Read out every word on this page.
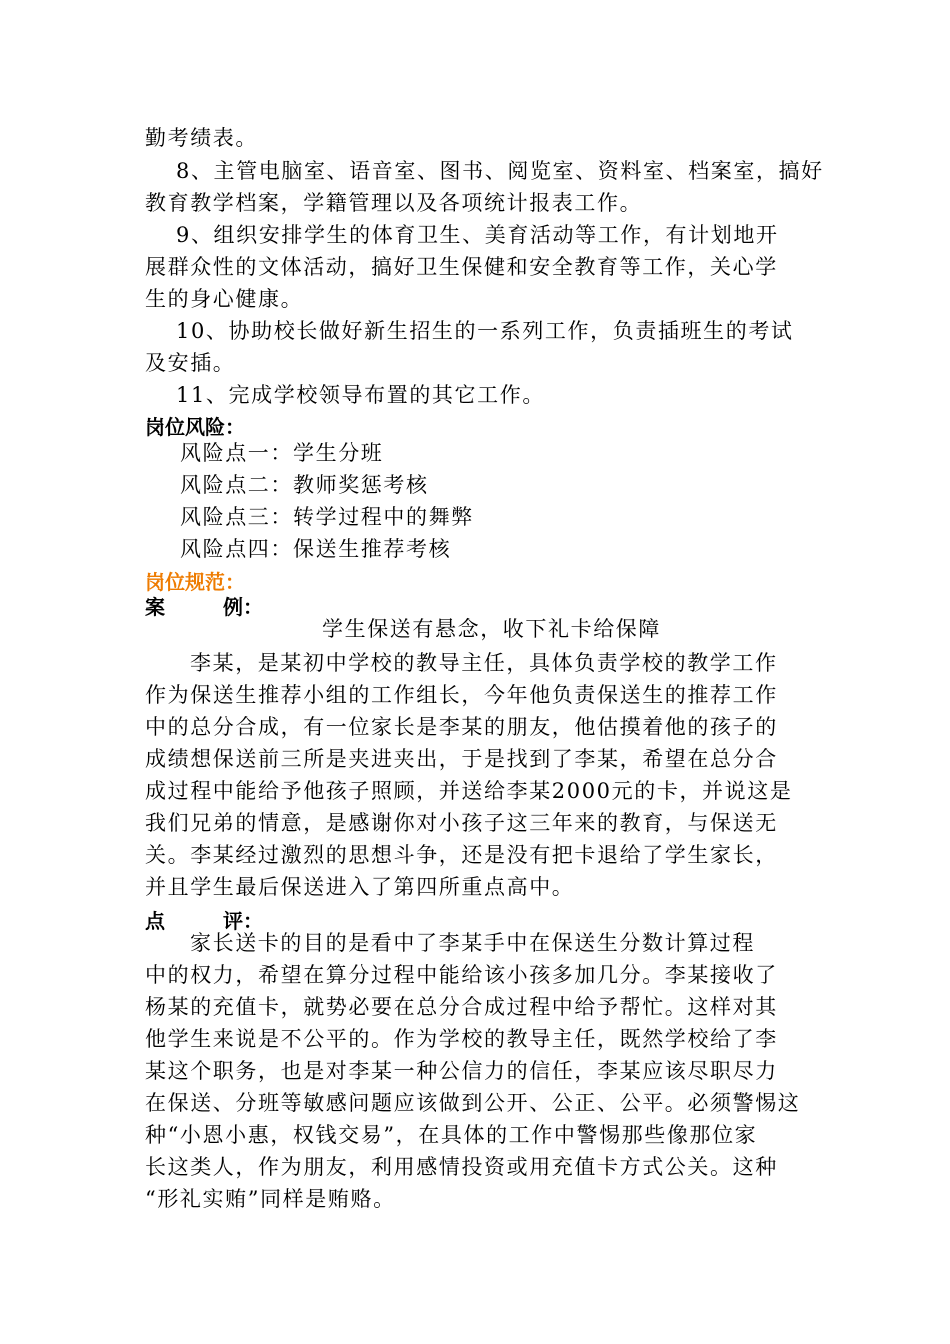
勤考绩表。
8、主管电脑室、语音室、图书、阅览室、资料室、档案室，搞好
教育教学档案，学籍管理以及各项统计报表工作。
9、组织安排学生的体育卫生、美育活动等工作，有计划地开
展群众性的文体活动，搞好卫生保健和安全教育等工作，关心学
生的身心健康。
10、协助校长做好新生招生的一系列工作，负责插班生的考试
及安插。
11、完成学校领导布置的其它工作。
岗位风险：
风险点一：学生分班
风险点二：教师奖惩考核
风险点三：转学过程中的舞弊
风险点四：保送生推荐考核
岗位规范：
案	例：
学生保送有悬念，收下礼卡给保障
李某，是某初中学校的教导主任，具体负责学校的教学工作
作为保送生推荐小组的工作组长，今年他负责保送生的推荐工作
中的总分合成，有一位家长是李某的朋友，他估摸着他的孩子的
成绩想保送前三所是夹进夹出，于是找到了李某，希望在总分合
成过程中能给予他孩子照顾，并送给李某2000元的卡，并说这是
我们兄弟的情意，是感谢你对小孩子这三年来的教育，与保送无
关。李某经过激烈的思想斗争，还是没有把卡退给了学生家长，
并且学生最后保送进入了第四所重点高中。
点	评：
家长送卡的目的是看中了李某手中在保送生分数计算过程
中的权力，希望在算分过程中能给该小孩多加几分。李某接收了
杨某的充值卡，就势必要在总分合成过程中给予帮忙。这样对其
他学生来说是不公平的。作为学校的教导主任，既然学校给了李
某这个职务，也是对李某一种公信力的信任，李某应该尽职尽力
在保送、分班等敏感问题应该做到公开、公正、公平。必须警惕这
种“小恩小惠，权钱交易”，在具体的工作中警惕那些像那位家
长这类人，作为朋友，利用感情投资或用充值卡方式公关。这种
“形礼实贿”同样是贿赂。
